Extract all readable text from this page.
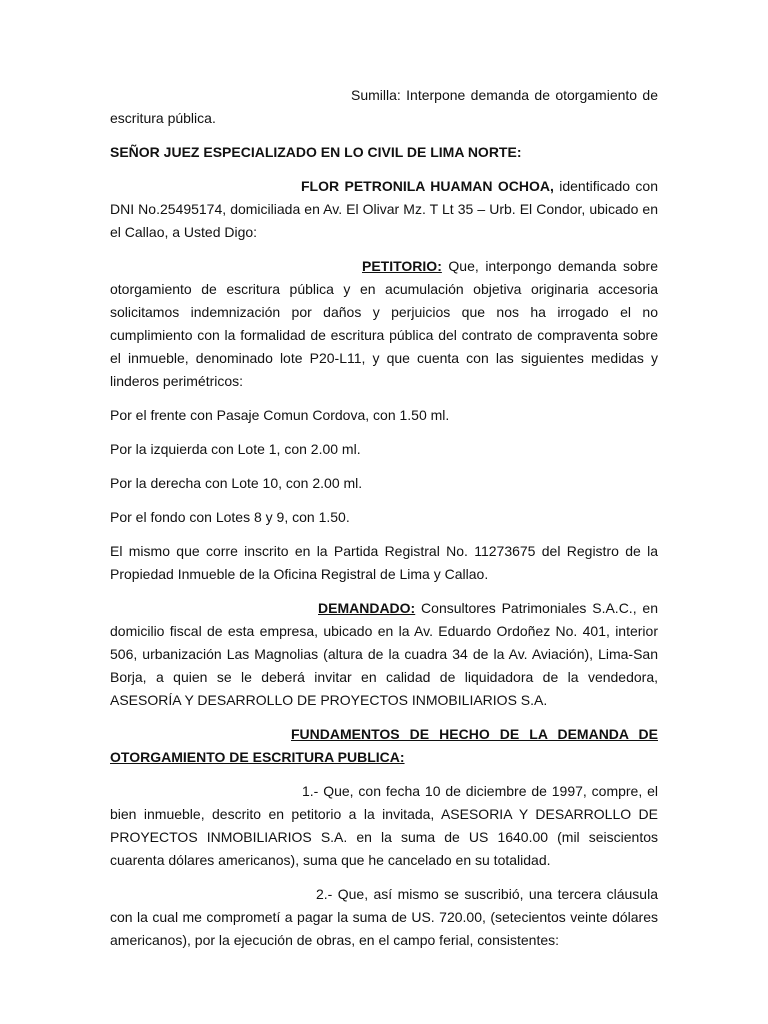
Sumilla: Interpone demanda de otorgamiento de escritura pública.

SEÑOR JUEZ ESPECIALIZADO EN LO CIVIL DE LIMA NORTE:

FLOR PETRONILA HUAMAN OCHOA, identificado con DNI No.25495174, domiciliada en Av. El Olivar Mz. T Lt 35 – Urb. El Condor, ubicado en el Callao, a Usted Digo:

PETITORIO: Que, interpongo demanda sobre otorgamiento de escritura pública y en acumulación objetiva originaria accesoria solicitamos indemnización por daños y perjuicios que nos ha irrogado el no cumplimiento con la formalidad de escritura pública del contrato de compraventa sobre el inmueble, denominado lote P20-L11, y que cuenta con las siguientes medidas y linderos perimétricos:

Por el frente con Pasaje Comun Cordova, con 1.50 ml.

Por la izquierda con Lote 1, con 2.00 ml.

Por la derecha con Lote 10, con 2.00 ml.

Por el fondo con Lotes 8 y 9, con 1.50.

El mismo que corre inscrito en la Partida Registral No. 11273675 del Registro de la Propiedad Inmueble de la Oficina Registral de Lima y Callao.

DEMANDADO: Consultores Patrimoniales S.A.C., en domicilio fiscal de esta empresa, ubicado en la Av. Eduardo Ordoñez No. 401, interior 506, urbanización Las Magnolias (altura de la cuadra 34 de la Av. Aviación), Lima-San Borja, a quien se le deberá invitar en calidad de liquidadora de la vendedora, ASESORÍA Y DESARROLLO DE PROYECTOS INMOBILIARIOS S.A.

FUNDAMENTOS DE HECHO DE LA DEMANDA DE OTORGAMIENTO DE ESCRITURA PUBLICA:

1.- Que, con fecha 10 de diciembre de 1997, compre, el bien inmueble, descrito en petitorio a la invitada, ASESORIA Y DESARROLLO DE PROYECTOS INMOBILIARIOS S.A. en la suma de US 1640.00 (mil seiscientos cuarenta dólares americanos), suma que he cancelado en su totalidad.

2.- Que, así mismo se suscribió, una tercera cláusula con la cual me comprometí a pagar la suma de US. 720.00, (setecientos veinte dólares americanos), por la ejecución de obras, en el campo ferial, consistentes:
